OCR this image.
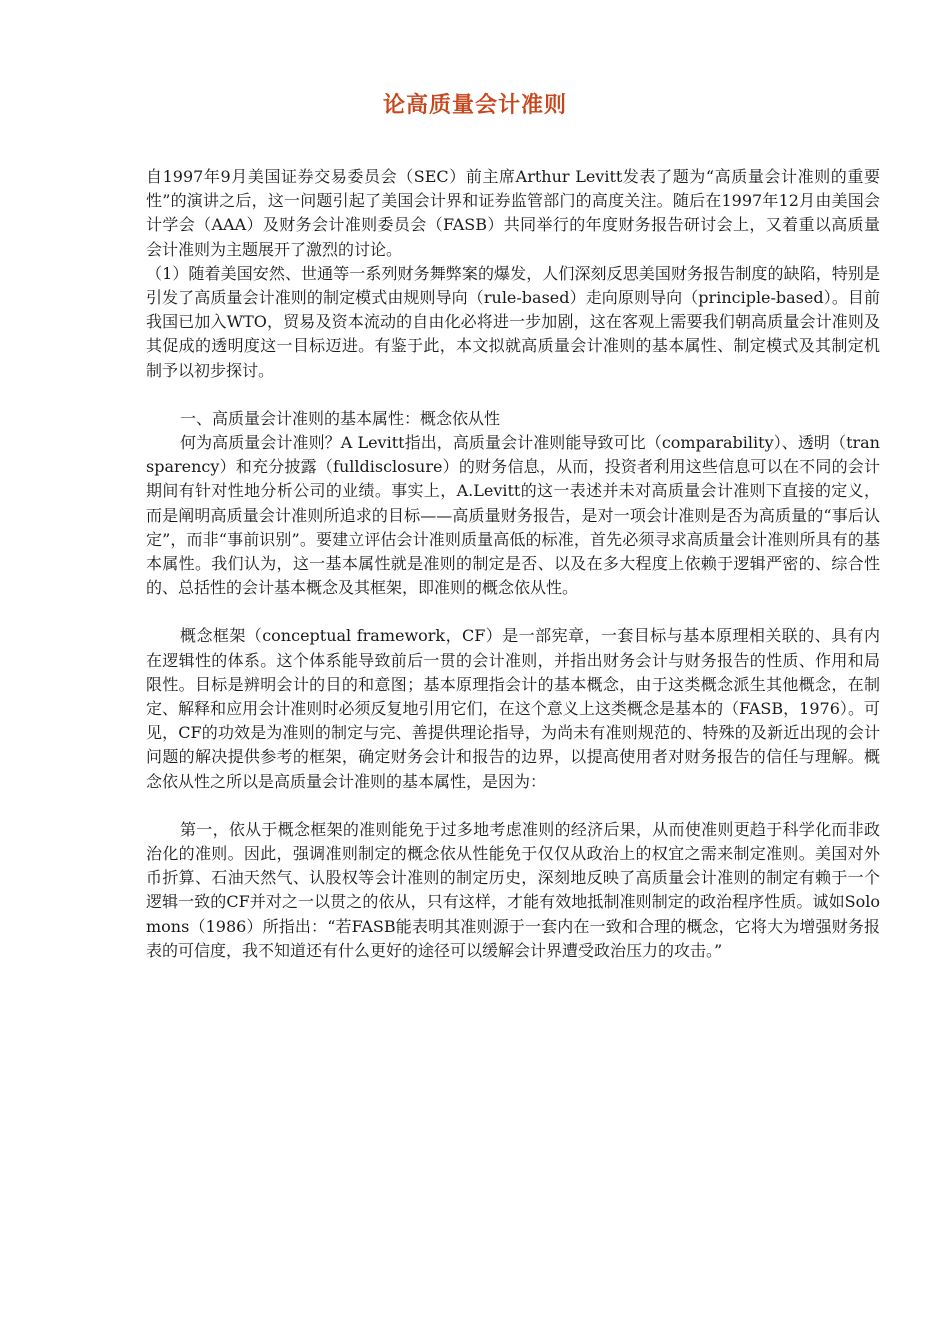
论高质量会计准则

自1997年9月美国证券交易委员会（SEC）前主席Arthur Levitt发表了题为“高质量会计准则的重要性”的演讲之后，这一问题引起了美国会计界和证券监管部门的高度关注。随后在1997年12月由美国会计学会（AAA）及财务会计准则委员会（FASB）共同举行的年度财务报告研讨会上，又着重以高质量会计准则为主题展开了激烈的讨论。

（1）随着美国安然、世通等一系列财务舞弊案的爆发，人们深刻反思美国财务报告制度的缺陷，特别是引发了高质量会计准则的制定模式由规则导向（rule-based）走向原则导向（principle-based）。目前我国已加入WTO，贸易及资本流动的自由化必将进一步加剧，这在客观上需要我们朝高质量会计准则及其促成的透明度这一目标迈进。有鉴于此，本文拟就高质量会计准则的基本属性、制定模式及其制定机制予以初步探讨。

一、高质量会计准则的基本属性：概念依从性

何为高质量会计准则？A Levitt指出，高质量会计准则能导致可比（comparability）、透明（transparency）和充分披露（fulldisclosure）的财务信息，从而，投资者利用这些信息可以在不同的会计期间有针对性地分析公司的业绩。事实上，A.Levitt的这一表述并未对高质量会计准则下直接的定义，而是阐明高质量会计准则所追求的目标——高质量财务报告，是对一项会计准则是否为高质量的“事后认定”，而非“事前识别”。要建立评估会计准则质量高低的标准，首先必须寻求高质量会计准则所具有的基本属性。我们认为，这一基本属性就是准则的制定是否、以及在多大程度上依赖于逻辑严密的、综合性的、总括性的会计基本概念及其框架，即准则的概念依从性。

概念框架（conceptual framework，CF）是一部宪章，一套目标与基本原理相关联的、具有内在逻辑性的体系。这个体系能导致前后一贯的会计准则，并指出财务会计与财务报告的性质、作用和局限性。目标是辨明会计的目的和意图；基本原理指会计的基本概念，由于这类概念派生其他概念，在制定、解释和应用会计准则时必须反复地引用它们，在这个意义上这类概念是基本的（FASB，1976）。可见，CF的功效是为准则的制定与完、善提供理论指导，为尚未有准则规范的、特殊的及新近出现的会计问题的解决提供参考的框架，确定财务会计和报告的边界，以提高使用者对财务报告的信任与理解。概念依从性之所以是高质量会计准则的基本属性，是因为：

第一，依从于概念框架的准则能免于过多地考虑准则的经济后果，从而使准则更趋于科学化而非政治化的准则。因此，强调准则制定的概念依从性能免于仅仅从政治上的权宜之需来制定准则。美国对外币折算、石油天然气、认股权等会计准则的制定历史，深刻地反映了高质量会计准则的制定有赖于一个逻辑一致的CF并对之一以贯之的依从，只有这样，才能有效地抵制准则制定的政治程序性质。诚如Solomons（1986）所指出：“若FASB能表明其准则源于一套内在一致和合理的概念，它将大为增强财务报表的可信度，我不知道还有什么更好的途径可以缓解会计界遭受政治压力的攻击。”
